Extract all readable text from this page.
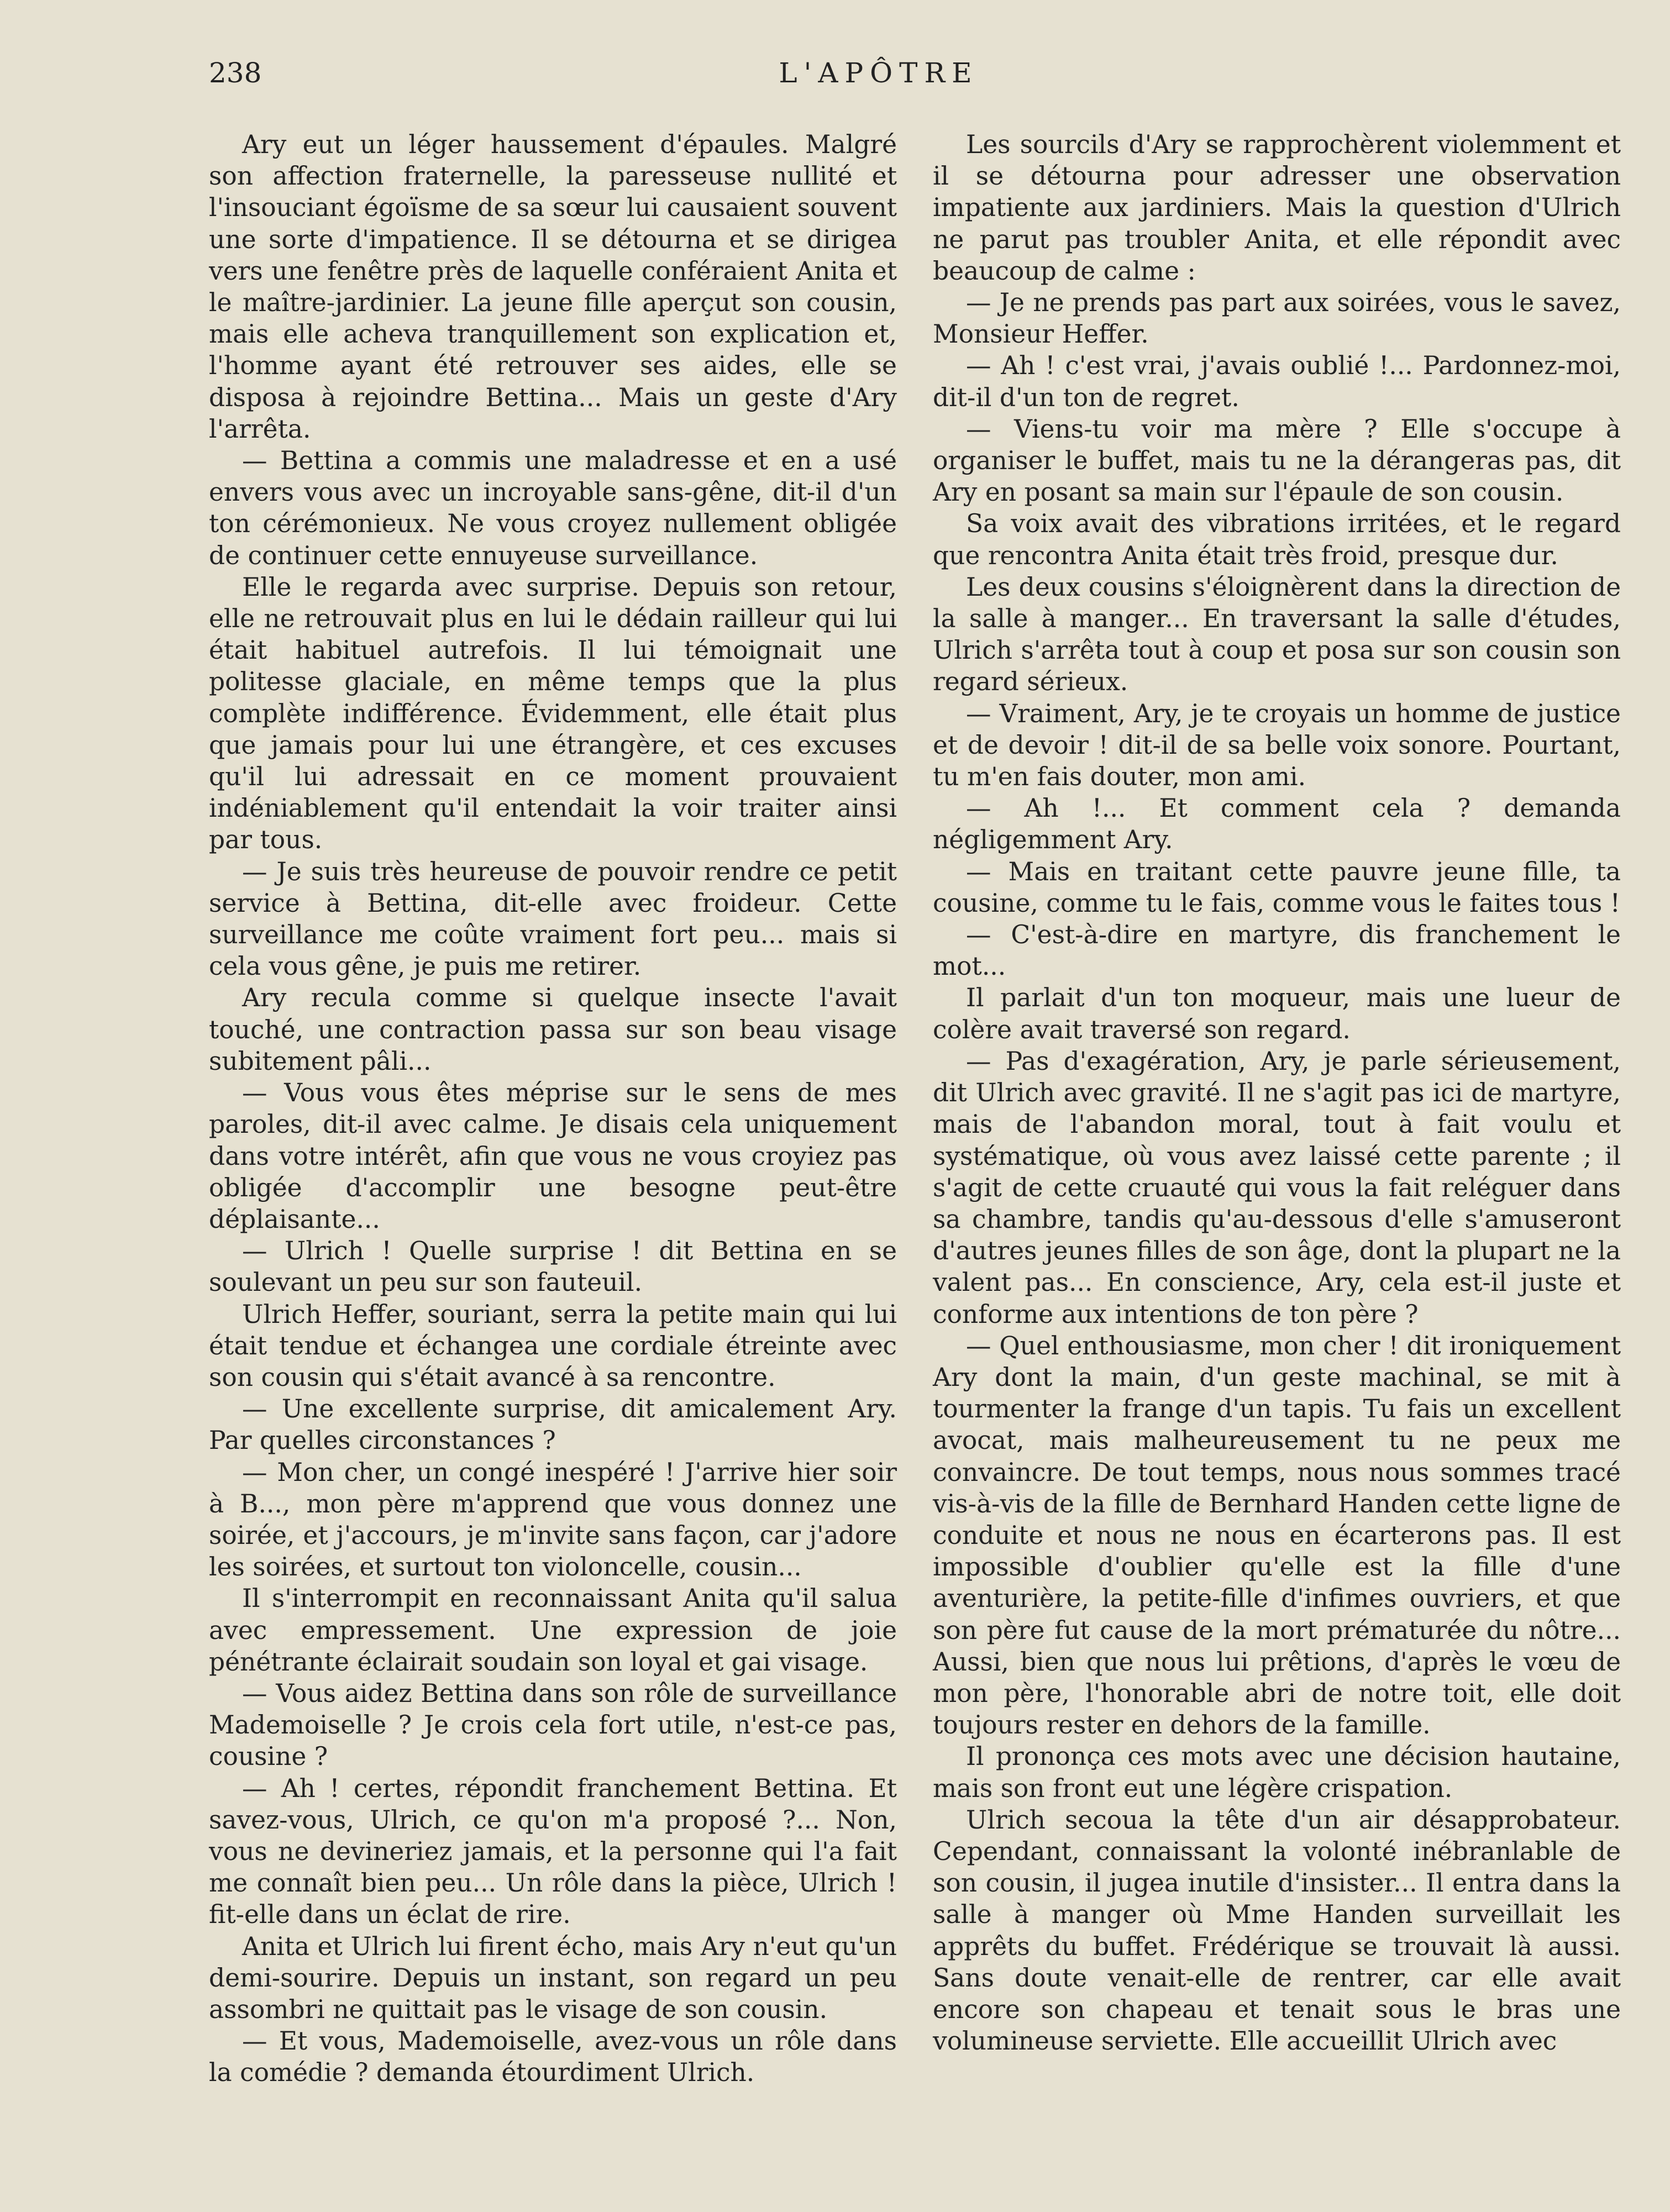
238	L'APÔTRE

Ary eut un léger haussement d'épaules. Malgré son affection fraternelle, la paresseuse nullité et l'insouciant égoïsme de sa sœur lui causaient souvent une sorte d'impatience. Il se détourna et se dirigea vers une fenêtre près de laquelle conféraient Anita et le maître-jardinier. La jeune fille aperçut son cousin, mais elle acheva tranquillement son explication et, l'homme ayant été retrouver ses aides, elle se disposa à rejoindre Bettina... Mais un geste d'Ary l'arrêta.

— Bettina a commis une maladresse et en a usé envers vous avec un incroyable sans-gêne, dit-il d'un ton cérémonieux. Ne vous croyez nullement obligée de continuer cette ennuyeuse surveillance.

Elle le regarda avec surprise. Depuis son retour, elle ne retrouvait plus en lui le dédain railleur qui lui était habituel autrefois. Il lui témoignait une politesse glaciale, en même temps que la plus complète indifférence. Évidemment, elle était plus que jamais pour lui une étrangère, et ces excuses qu'il lui adressait en ce moment prouvaient indéniablement qu'il entendait la voir traiter ainsi par tous.

— Je suis très heureuse de pouvoir rendre ce petit service à Bettina, dit-elle avec froideur. Cette surveillance me coûte vraiment fort peu... mais si cela vous gêne, je puis me retirer.

Ary recula comme si quelque insecte l'avait touché, une contraction passa sur son beau visage subitement pâli...

— Vous vous êtes méprise sur le sens de mes paroles, dit-il avec calme. Je disais cela uniquement dans votre intérêt, afin que vous ne vous croyiez pas obligée d'accomplir une besogne peut-être déplaisante...

— Ulrich ! Quelle surprise ! dit Bettina en se soulevant un peu sur son fauteuil.

Ulrich Heffer, souriant, serra la petite main qui lui était tendue et échangea une cordiale étreinte avec son cousin qui s'était avancé à sa rencontre.

— Une excellente surprise, dit amicalement Ary. Par quelles circonstances ?

— Mon cher, un congé inespéré ! J'arrive hier soir à B..., mon père m'apprend que vous donnez une soirée, et j'accours, je m'invite sans façon, car j'adore les soirées, et surtout ton violoncelle, cousin...

Il s'interrompit en reconnaissant Anita qu'il salua avec empressement. Une expression de joie pénétrante éclairait soudain son loyal et gai visage.

— Vous aidez Bettina dans son rôle de surveillance Mademoiselle ? Je crois cela fort utile, n'est-ce pas, cousine ?

— Ah ! certes, répondit franchement Bettina. Et savez-vous, Ulrich, ce qu'on m'a proposé ?... Non, vous ne devineriez jamais, et la personne qui l'a fait me connaît bien peu... Un rôle dans la pièce, Ulrich ! fit-elle dans un éclat de rire.

Anita et Ulrich lui firent écho, mais Ary n'eut qu'un demi-sourire. Depuis un instant, son regard un peu assombri ne quittait pas le visage de son cousin.

— Et vous, Mademoiselle, avez-vous un rôle dans la comédie ? demanda étourdiment Ulrich.

Les sourcils d'Ary se rapprochèrent violemment et il se détourna pour adresser une observation impatiente aux jardiniers. Mais la question d'Ulrich ne parut pas troubler Anita, et elle répondit avec beaucoup de calme :

— Je ne prends pas part aux soirées, vous le savez, Monsieur Heffer.

— Ah ! c'est vrai, j'avais oublié !... Pardonnez-moi, dit-il d'un ton de regret.

— Viens-tu voir ma mère ? Elle s'occupe à organiser le buffet, mais tu ne la dérangeras pas, dit Ary en posant sa main sur l'épaule de son cousin.

Sa voix avait des vibrations irritées, et le regard que rencontra Anita était très froid, presque dur.

Les deux cousins s'éloignèrent dans la direction de la salle à manger... En traversant la salle d'études, Ulrich s'arrêta tout à coup et posa sur son cousin son regard sérieux.

— Vraiment, Ary, je te croyais un homme de justice et de devoir ! dit-il de sa belle voix sonore. Pourtant, tu m'en fais douter, mon ami.

— Ah !... Et comment cela ? demanda négligemment Ary.

— Mais en traitant cette pauvre jeune fille, ta cousine, comme tu le fais, comme vous le faites tous !

— C'est-à-dire en martyre, dis franchement le mot...

Il parlait d'un ton moqueur, mais une lueur de colère avait traversé son regard.

— Pas d'exagération, Ary, je parle sérieusement, dit Ulrich avec gravité. Il ne s'agit pas ici de martyre, mais de l'abandon moral, tout à fait voulu et systématique, où vous avez laissé cette parente ; il s'agit de cette cruauté qui vous la fait reléguer dans sa chambre, tandis qu'au-dessous d'elle s'amuseront d'autres jeunes filles de son âge, dont la plupart ne la valent pas... En conscience, Ary, cela est-il juste et conforme aux intentions de ton père ?

— Quel enthousiasme, mon cher ! dit ironiquement Ary dont la main, d'un geste machinal, se mit à tourmenter la frange d'un tapis. Tu fais un excellent avocat, mais malheureusement tu ne peux me convaincre. De tout temps, nous nous sommes tracé vis-à-vis de la fille de Bernhard Handen cette ligne de conduite et nous ne nous en écarterons pas. Il est impossible d'oublier qu'elle est la fille d'une aventurière, la petite-fille d'infimes ouvriers, et que son père fut cause de la mort prématurée du nôtre... Aussi, bien que nous lui prêtions, d'après le vœu de mon père, l'honorable abri de notre toit, elle doit toujours rester en dehors de la famille.

Il prononça ces mots avec une décision hautaine, mais son front eut une légère crispation.

Ulrich secoua la tête d'un air désapprobateur. Cependant, connaissant la volonté inébranlable de son cousin, il jugea inutile d'insister... Il entra dans la salle à manger où Mme Handen surveillait les apprêts du buffet. Frédérique se trouvait là aussi. Sans doute venait-elle de rentrer, car elle avait encore son chapeau et tenait sous le bras une volumineuse serviette. Elle accueillit Ulrich avec
